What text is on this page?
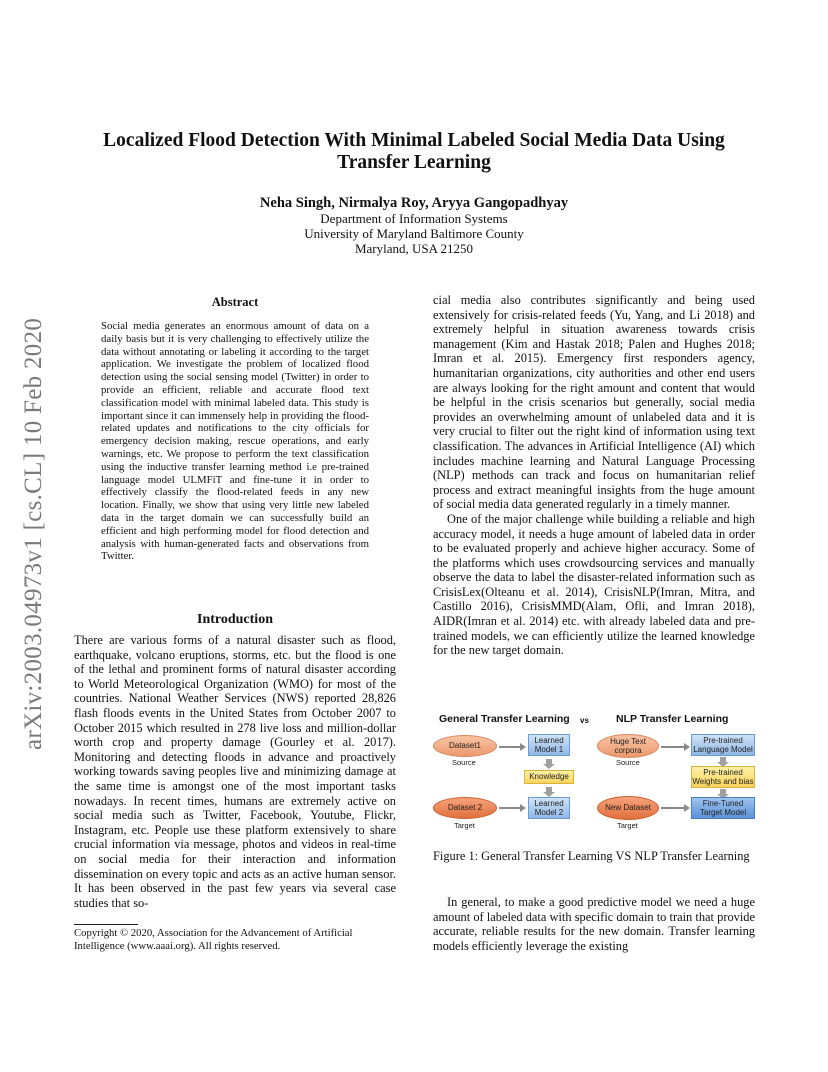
Localized Flood Detection With Minimal Labeled Social Media Data Using Transfer Learning
Neha Singh, Nirmalya Roy, Aryya Gangopadhyay
Department of Information Systems
University of Maryland Baltimore County
Maryland, USA 21250
arXiv:2003.04973v1 [cs.CL] 10 Feb 2020
Abstract
Social media generates an enormous amount of data on a daily basis but it is very challenging to effectively utilize the data without annotating or labeling it according to the target application. We investigate the problem of localized flood detection using the social sensing model (Twitter) in order to provide an efficient, reliable and accurate flood text classification model with minimal labeled data. This study is important since it can immensely help in providing the flood-related updates and notifications to the city officials for emergency decision making, rescue operations, and early warnings, etc. We propose to perform the text classification using the inductive transfer learning method i.e pre-trained language model ULMFiT and fine-tune it in order to effectively classify the flood-related feeds in any new location. Finally, we show that using very little new labeled data in the target domain we can successfully build an efficient and high performing model for flood detection and analysis with human-generated facts and observations from Twitter.
Introduction

There are various forms of a natural disaster such as flood, earthquake, volcano eruptions, storms, etc. but the flood is one of the lethal and prominent forms of natural disaster according to World Meteorological Organization (WMO) for most of the countries. National Weather Services (NWS) reported 28,826 flash floods events in the United States from October 2007 to October 2015 which resulted in 278 live loss and million-dollar worth crop and property damage (Gourley et al. 2017). Monitoring and detecting floods in advance and proactively working towards saving peoples live and minimizing damage at the same time is amongst one of the most important tasks nowadays. In recent times, humans are extremely active on social media such as Twitter, Facebook, Youtube, Flickr, Instagram, etc. People use these platform extensively to share crucial information via message, photos and videos in real-time on social media for their interaction and information dissemination on every topic and acts as an active human sensor. It has been observed in the past few years via several case studies that so-

Copyright © 2020, Association for the Advancement of Artificial Intelligence (www.aaai.org). All rights reserved.

cial media also contributes significantly and being used extensively for crisis-related feeds (Yu, Yang, and Li 2018) and extremely helpful in situation awareness towards crisis management (Kim and Hastak 2018; Palen and Hughes 2018; Imran et al. 2015). Emergency first responders agency, humanitarian organizations, city authorities and other end users are always looking for the right amount and content that would be helpful in the crisis scenarios but generally, social media provides an overwhelming amount of unlabeled data and it is very crucial to filter out the right kind of information using text classification. The advances in Artificial Intelligence (AI) which includes machine learning and Natural Language Processing (NLP) methods can track and focus on humanitarian relief process and extract meaningful insights from the huge amount of social media data generated regularly in a timely manner.

One of the major challenge while building a reliable and high accuracy model, it needs a huge amount of labeled data in order to be evaluated properly and achieve higher accuracy. Some of the platforms which uses crowdsourcing services and manually observe the data to label the disaster-related information such as CrisisLex(Olteanu et al. 2014), CrisisNLP(Imran, Mitra, and Castillo 2016), CrisisMMD(Alam, Ofli, and Imran 2018), AIDR(Imran et al. 2014) etc. with already labeled data and pre-trained models, we can efficiently utilize the learned knowledge for the new target domain.

General Transfer Learning vs	NLP Transfer Learning
Dataset1
Source
Learned Model 1
Knowledge
Dataset 2
Target
Learned Model 2
Huge Text corpora
Source
Pre-trained Language Model
Pre-trained Weights and bias
New Dataset
Target
Fine-Tuned Target Model
Figure 1: General Transfer Learning VS NLP Transfer Learning

In general, to make a good predictive model we need a huge amount of labeled data with specific domain to train that provide accurate, reliable results for the new domain. Transfer learning models efficiently leverage the existing
